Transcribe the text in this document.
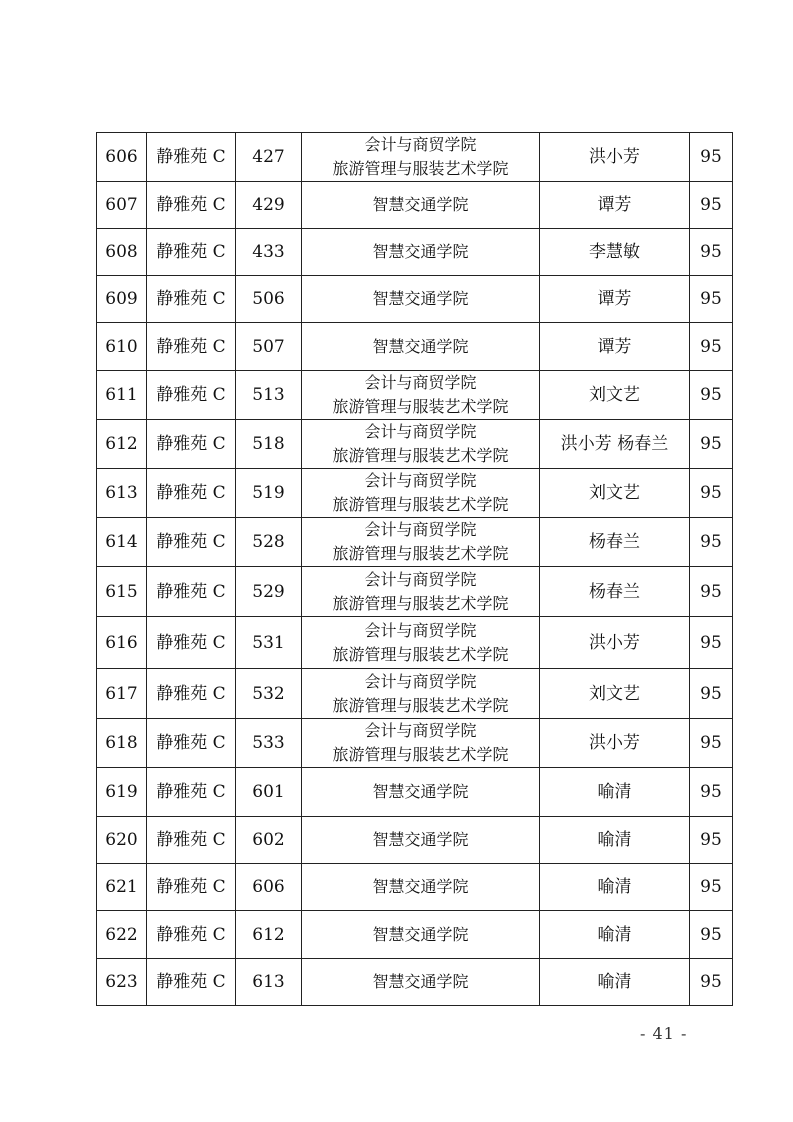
606	静雅苑 C	427	会计与商贸学院
旅游管理与服装艺术学院	洪小芳	95
607	静雅苑 C	429	智慧交通学院	谭芳	95
608	静雅苑 C	433	智慧交通学院	李慧敏	95
609	静雅苑 C	506	智慧交通学院	谭芳	95
610	静雅苑 C	507	智慧交通学院	谭芳	95
611	静雅苑 C	513	会计与商贸学院
旅游管理与服装艺术学院	刘文艺	95
612	静雅苑 C	518	会计与商贸学院
旅游管理与服装艺术学院	洪小芳 杨春兰	95
613	静雅苑 C	519	会计与商贸学院
旅游管理与服装艺术学院	刘文艺	95
614	静雅苑 C	528	会计与商贸学院
旅游管理与服装艺术学院	杨春兰	95
615	静雅苑 C	529	会计与商贸学院
旅游管理与服装艺术学院	杨春兰	95
616	静雅苑 C	531	会计与商贸学院
旅游管理与服装艺术学院	洪小芳	95
617	静雅苑 C	532	会计与商贸学院
旅游管理与服装艺术学院	刘文艺	95
618	静雅苑 C	533	会计与商贸学院
旅游管理与服装艺术学院	洪小芳	95
619	静雅苑 C	601	智慧交通学院	喻清	95
620	静雅苑 C	602	智慧交通学院	喻清	95
621	静雅苑 C	606	智慧交通学院	喻清	95
622	静雅苑 C	612	智慧交通学院	喻清	95
623	静雅苑 C	613	智慧交通学院	喻清	95
- 41 -
